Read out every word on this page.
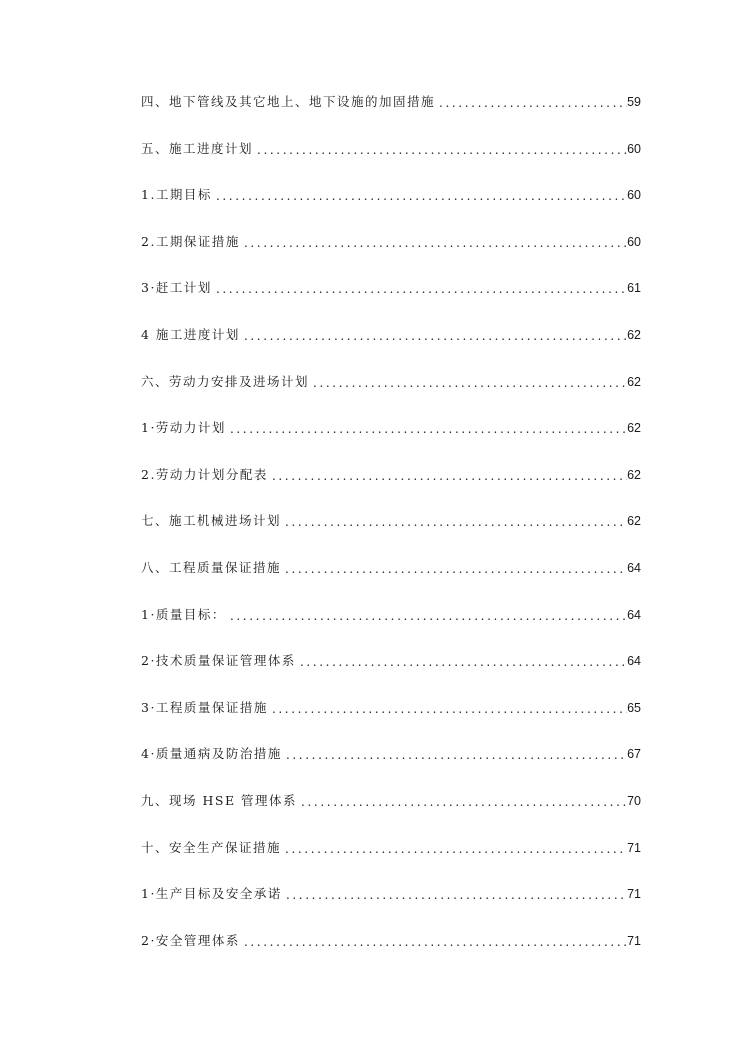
四、地下管线及其它地上、地下设施的加固措施 . . .	59
五、施工进度计划 . . .	60
1.工期目标 . . .	60
2.工期保证措施 . . .	60
3·赶工计划 . . .	61
4 施工进度计划 . . .	62
六、劳动力安排及进场计划 . . .	62
1·劳动力计划 . . .	62
2.劳动力计划分配表 . . .	62
七、施工机械进场计划 . . .	62
八、工程质量保证措施 . . .	64
1·质量目标： . . .	64
2·技术质量保证管理体系 . . .	64
3·工程质量保证措施 . . .	65
4·质量通病及防治措施 . . .	67
九、现场 HSE 管理体系 . . .	70
十、安全生产保证措施 . . .	71
1·生产目标及安全承诺 . . .	71
2·安全管理体系 . . .	71
